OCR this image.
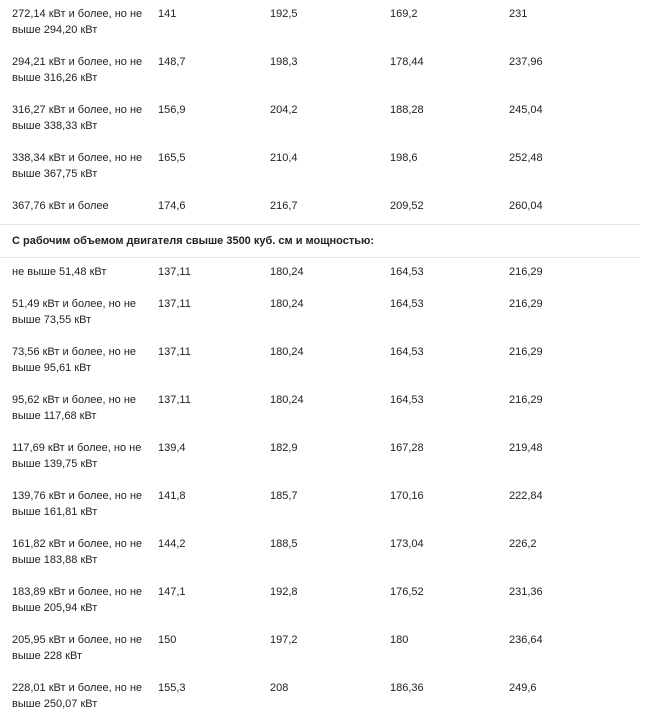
272,14 кВт и более, но не выше 294,20 кВт
141	192,5	169,2	231
294,21 кВт и более, но не выше 316,26 кВт
148,7	198,3	178,44	237,96
316,27 кВт и более, но не выше 338,33 кВт
156,9	204,2	188,28	245,04
338,34 кВт и более, но не выше 367,75 кВт
165,5	210,4	198,6	252,48
367,76 кВт и более	174,6	216,7	209,52	260,04
С рабочим объемом двигателя свыше 3500 куб. см и мощностью:
не выше 51,48 кВт	137,11	180,24	164,53	216,29
51,49 кВт и более, но не выше 73,55 кВт
137,11	180,24	164,53	216,29
73,56 кВт и более, но не выше 95,61 кВт
137,11	180,24	164,53	216,29
95,62 кВт и более, но не выше 117,68 кВт
137,11	180,24	164,53	216,29
117,69 кВт и более, но не выше 139,75 кВт
139,4	182,9	167,28	219,48
139,76 кВт и более, но не выше 161,81 кВт
141,8	185,7	170,16	222,84
161,82 кВт и более, но не выше 183,88 кВт
144,2	188,5	173,04	226,2
183,89 кВт и более, но не выше 205,94 кВт
147,1	192,8	176,52	231,36
205,95 кВт и более, но не выше 228 кВт
150	197,2	180	236,64
228,01 кВт и более, но не выше 250,07 кВт
155,3	208	186,36	249,6
